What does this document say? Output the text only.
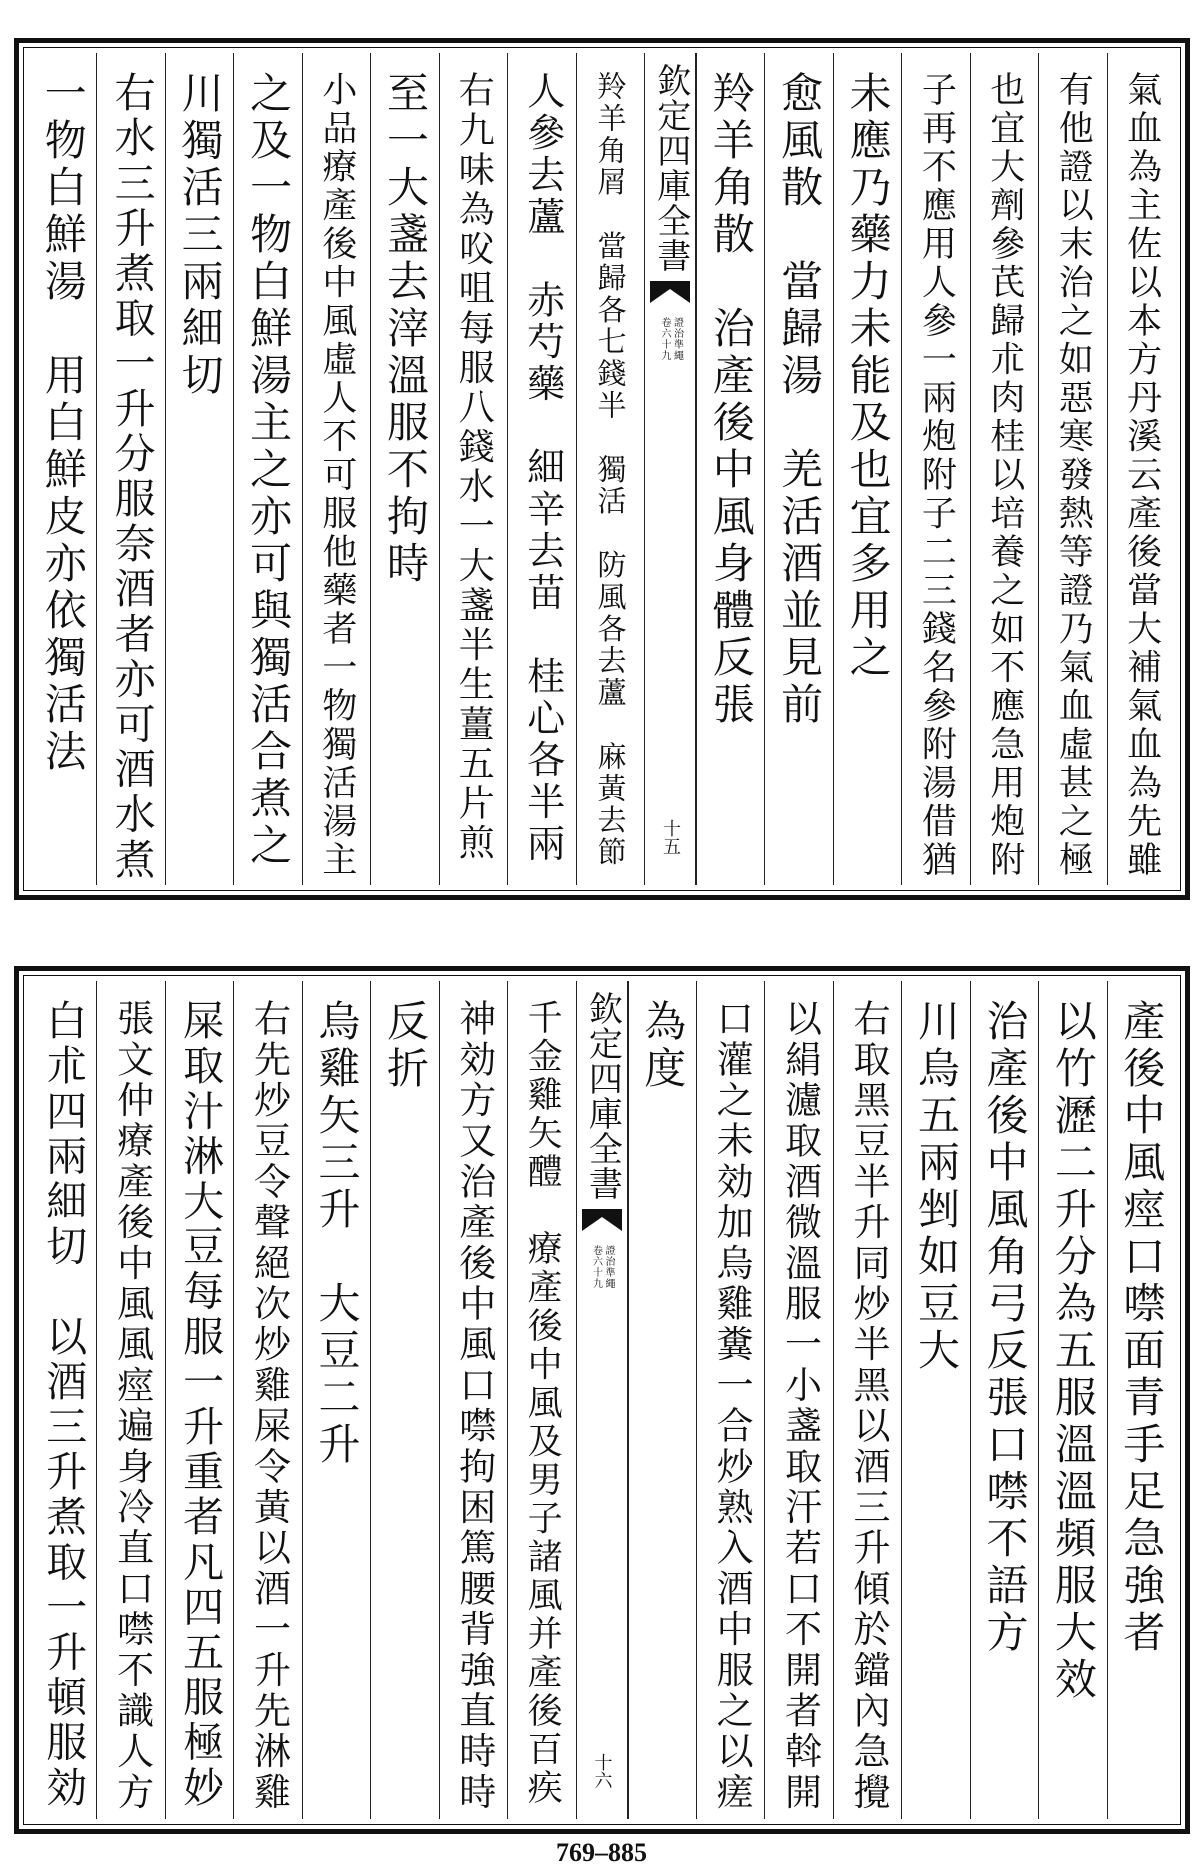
氣血為主佐以本方丹溪云產後當大補氣血為先雖
有他證以末治之如惡寒發熱等證乃氣血虛甚之極
也宜大劑參芪歸朮肉桂以培養之如不應急用炮附
子再不應用人參一兩炮附子二三錢名參附湯借猶
未應乃藥力未能及也宜多用之
愈風散　當歸湯　羌活酒並見前
羚羊角散　治產後中風身體反張
欽定四庫全書
證治準繩
卷六十九
十五
羚羊角屑　當歸各七錢半　獨活　防風各去蘆　麻黃去節
人參去蘆　赤芍藥　細辛去苗　桂心各半兩
右九味為㕮咀每服八錢水一大盞半生薑五片煎
至一大盞去滓溫服不拘時
小品療產後中風虛人不可服他藥者一物獨活湯主
之及一物白鮮湯主之亦可與獨活合煮之
川獨活三兩細切
右水三升煮取一升分服奈酒者亦可酒水煮
一物白鮮湯　用白鮮皮亦依獨活法
產後中風痙口噤面青手足急強者
以竹瀝二升分為五服溫溫頻服大效
治產後中風角弓反張口噤不語方
川烏五兩剉如豆大
右取黑豆半升同炒半黑以酒三升傾於鐺內急攪
以絹濾取酒微溫服一小盞取汗若口不開者斡開
口灌之未効加烏雞糞一合炒熟入酒中服之以瘥
為度
欽定四庫全書
證治準繩
卷六十九
十六
千金雞矢醴　療產後中風及男子諸風并產後百疾
神効方又治產後中風口噤拘困篤腰背強直時時
反折
烏雞矢三升　大豆二升
右先炒豆令聲絕次炒雞屎令黃以酒一升先淋雞
屎取汁淋大豆每服一升重者凡四五服極妙
張文仲療產後中風風痙遍身冷直口噤不識人方
白朮四兩細切　以酒三升煮取一升頓服効
769–885
